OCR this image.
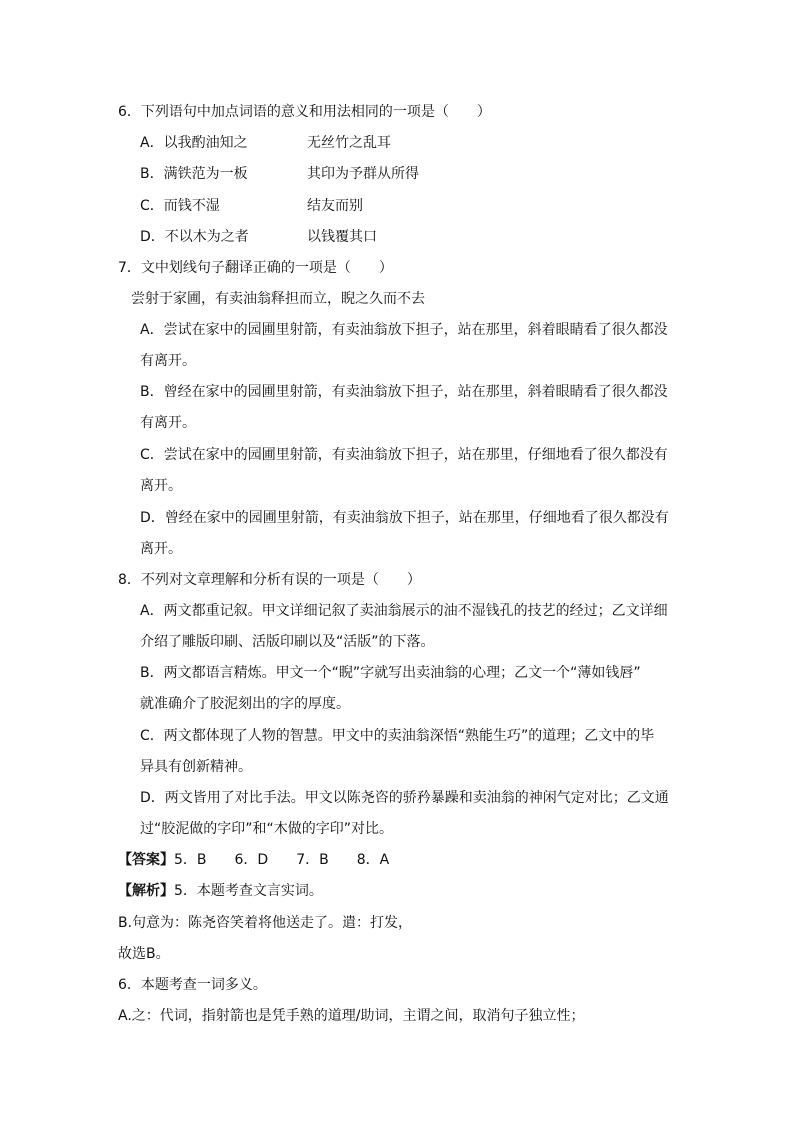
6．下列语句中加点词语的意义和用法相同的一项是（　　）
A．以我酌油知之	无丝竹之乱耳
B．满铁范为一板	其印为予群从所得
C．而钱不湿	结友而别
D．不以木为之者	以钱覆其口
7．文中划线句子翻译正确的一项是（　　）
尝射于家圃，有卖油翁释担而立，睨之久而不去
A．尝试在家中的园圃里射箭，有卖油翁放下担子，站在那里，斜着眼睛看了很久都没
有离开。
B．曾经在家中的园圃里射箭，有卖油翁放下担子，站在那里，斜着眼睛看了很久都没
有离开。
C．尝试在家中的园圃里射箭，有卖油翁放下担子，站在那里，仔细地看了很久都没有
离开。
D．曾经在家中的园圃里射箭，有卖油翁放下担子，站在那里，仔细地看了很久都没有
离开。
8．不列对文章理解和分析有误的一项是（　　）
A．两文都重记叙。甲文详细记叙了卖油翁展示的油不湿钱孔的技艺的经过；乙文详细
介绍了雕版印刷、活版印刷以及“活版”的下落。
B．两文都语言精炼。甲文一个“睨”字就写出卖油翁的心理；乙文一个“薄如钱唇”
就准确介了胶泥刻出的字的厚度。
C．两文都体现了人物的智慧。甲文中的卖油翁深悟“熟能生巧”的道理；乙文中的毕
异具有创新精神。
D．两文皆用了对比手法。甲文以陈尧咨的骄矜暴躁和卖油翁的神闲气定对比；乙文通
过“胶泥做的字印”和“木做的字印”对比。
【答案】5．B　　6．D　　7．B　　8．A
【解析】5．本题考查文言实词。
B.句意为：陈尧咨笑着将他送走了。遣：打发，
故选B。
6．本题考查一词多义。
A.之：代词，指射箭也是凭手熟的道理/助词，主谓之间，取消句子独立性；
